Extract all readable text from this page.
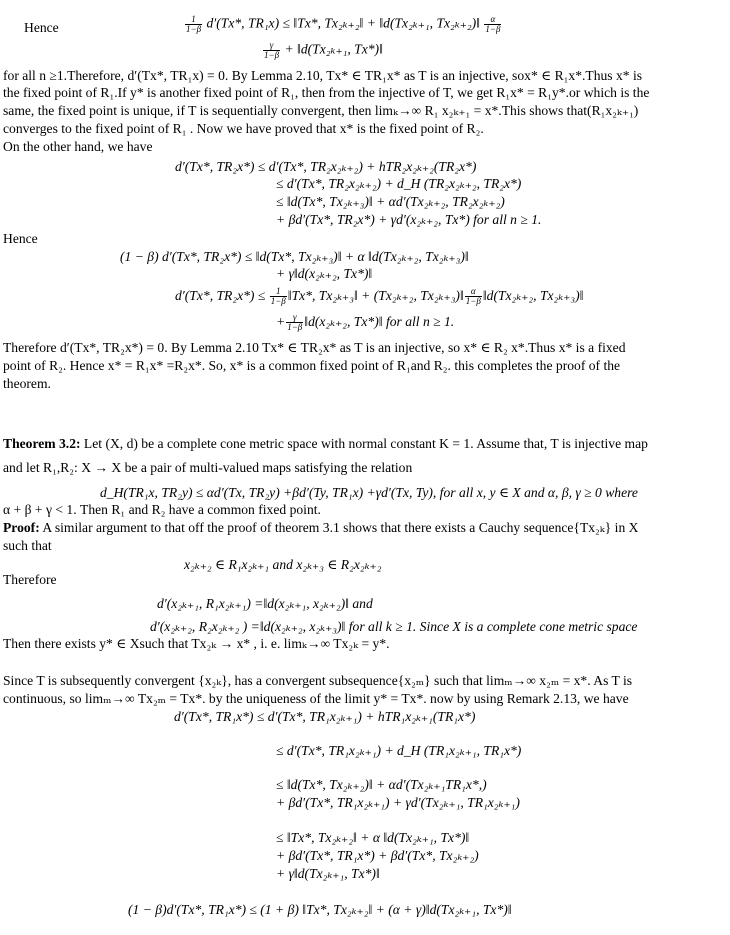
Hence	$\frac{1}{1-\beta} d'(Tx*$, TR₁x) ≤ ‖Tx*, Tx₂ₖ₊₂‖ + ‖d(Tx₂ₖ₊₁, Tx₂ₖ₊₂)‖ $\frac{\alpha}{1-\beta}$
$\frac{\gamma}{1-\beta}$ + ‖d(Tx₂ₖ₊₁, Tx*)‖
for all n ≥1.Therefore, d′(Tx*, TR₁x) = 0. By Lemma 2.10, Tx* ∈ TR₁x* as T is an injective, sox* ∈ R₁x*.Thus x* is
the fixed point of R₁.If y* is another fixed point of R₁, then from the injective of T, we get R₁x* = R₁y*.or which is the
same, the fixed point is unique, if T is sequentially convergent, then limₖ→∞ R₁ x₂ₖ₊₁ = x*.This shows that(R₁x₂ₖ₊₁)
converges to the fixed point of R₁ . Now we have proved that x* is the fixed point of R₂.
On the other hand, we have
d′(Tx*, TR₂x*) ≤ d′(Tx*, TR₂x₂ₖ₊₂) + hTR₂x₂ₖ₊₂(TR₂x*)
≤ d′(Tx*, TR₂x₂ₖ₊₂) + d_H (TR₂x₂ₖ₊₂, TR₂x*)
≤ ‖d(Tx*, Tx₂ₖ₊₃)‖ + αd′(Tx₂ₖ₊₂, TR₂x₂ₖ₊₂)
+ βd′(Tx*, TR₂x*) + γd′(x₂ₖ₊₂, Tx*) for all n ≥ 1.
Hence
(1 − β) d′(Tx*, TR₂x*) ≤ ‖d(Tx*, Tx₂ₖ₊₃)‖ + α ‖d(Tx₂ₖ₊₂, Tx₂ₖ₊₃)‖
+ γ‖d(x₂ₖ₊₂, Tx*)‖
d′(Tx*, $TR_2x*) \le \frac{1}{1-\beta}$ ‖Tx*, Tx₂ₖ₊₃‖ + (Tx₂ₖ₊₂, Tx₂ₖ₊₃)‖ $\frac{\alpha}{1-\beta}$ ‖d(Tx₂ₖ₊₂, Tx₂ₖ₊₃)‖
+ $\frac{\gamma}{1-\beta}$ ‖d(x₂ₖ₊₂, Tx*)‖ for all n ≥ 1.
Therefore d′(Tx*, TR₂x*) = 0. By Lemma 2.10 Tx* ∈ TR₂x* as T is an injective, so x* ∈ R₂ x*.Thus x* is a fixed
point of R₂. Hence x* = R₁x* =R₂x*. So, x* is a common fixed point of R₁and R₂. this completes the proof of the
theorem.
Theorem 3.2: Let (X, d) be a complete cone metric space with normal constant K = 1. Assume that, T is injective map
and let R₁,R₂: X → X be a pair of multi-valued maps satisfying the relation
d_H(TR₁x, TR₂y) ≤ αd′(Tx, TR₂y) +βd′(Ty, TR₁x) +γd′(Tx, Ty), for all x, y ∈ X and α, β, γ ≥ 0 where
α + β + γ < 1. Then R₁ and R₂ have a common fixed point.
Proof: A similar argument to that off the proof of theorem 3.1 shows that there exists a Cauchy sequence{Tx₂ₖ} in X
such that
x₂ₖ₊₂ ∈ R₁x₂ₖ₊₁ and x₂ₖ₊₃ ∈ R₂x₂ₖ₊₂
Therefore
d′(x₂ₖ₊₁, R₁x₂ₖ₊₁) =‖d(x₂ₖ₊₁, x₂ₖ₊₂)‖ and
d′(x₂ₖ₊₂, R₂x₂ₖ₊₂ ) =‖d(x₂ₖ₊₂, x₂ₖ₊₃)‖ for all k ≥ 1. Since X is a complete cone metric space
Then there exists y* ∈ Xsuch that Tx₂ₖ → x* , i. e. limₖ→∞ Tx₂ₖ = y*.
Since T is subsequently convergent {x₂ₖ}, has a convergent subsequence{x₂ₘ} such that limₘ→∞ x₂ₘ = x*. As T is
continuous, so limₘ→∞ Tx₂ₘ = Tx*. by the uniqueness of the limit y* = Tx*. now by using Remark 2.13, we have
d′(Tx*, TR₁x*) ≤ d′(Tx*, TR₁x₂ₖ₊₁) + hTR₁x₂ₖ₊₁(TR₁x*)
≤ d′(Tx*, TR₁x₂ₖ₊₁) + d_H (TR₁x₂ₖ₊₁, TR₁x*)
≤ ‖d(Tx*, Tx₂ₖ₊₂)‖ + αd′(Tx₂ₖ₊₁TR₁x*,)
+ βd′(Tx*, TR₁x₂ₖ₊₁) + γd′(Tx₂ₖ₊₁, TR₁x₂ₖ₊₁)
≤ ‖Tx*, Tx₂ₖ₊₂‖ + α ‖d(Tx₂ₖ₊₁, Tx*)‖
+ βd′(Tx*, TR₁x*) + βd′(Tx*, Tx₂ₖ₊₂)
+ γ‖d(Tx₂ₖ₊₁, Tx*)‖
(1 − β)d′(Tx*, TR₁x*) ≤ (1 + β) ‖Tx*, Tx₂ₖ₊₂‖ + (α + γ)‖d(Tx₂ₖ₊₁, Tx*)‖
